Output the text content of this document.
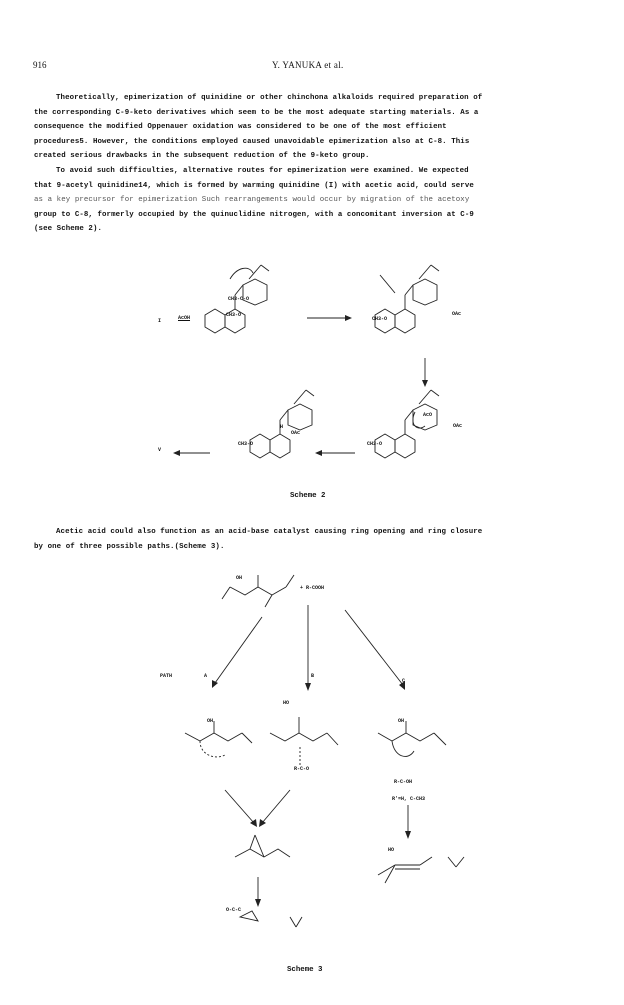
916	Y. YANUKA et al.
Theoretically, epimerization of quinidine or other chinchona alkaloids required preparation of
the corresponding C-9-keto derivatives which seem to be the most adequate starting materials. As a
consequence the modified Oppenauer oxidation was considered to be one of the most efficient
procedures5. However, the conditions employed caused unavoidable epimerization also at C-8. This
created serious drawbacks in the subsequent reduction of the 9-keto group.
To avoid such difficulties, alternative routes for epimerization were examined. We expected
that 9-acetyl quinidine14, which is formed by warming quinidine (I) with acetic acid, could serve
as a key precursor for epimerization Such rearrangements would occur by migration of the acetoxy
group to C-8, formerly occupied by the quinuclidine nitrogen, with a concomitant inversion at C-9
(see Scheme 2).
I	AcOH	CH3-O
CH3-C-O
CH3-O
OAc
AcO
OAc
CH3-O
H
OAc
CH3-O
V
Scheme 2
Acetic acid could also function as an acid-base catalyst causing ring opening and ring closure
by one of three possible paths.(Scheme 3).
+ R-COOH
OH
PATH	A	B
C
OH
HO
OH
R-C-O
R-C-OH
R'=H, C-CH3
O-C-C
HO
Scheme 3
